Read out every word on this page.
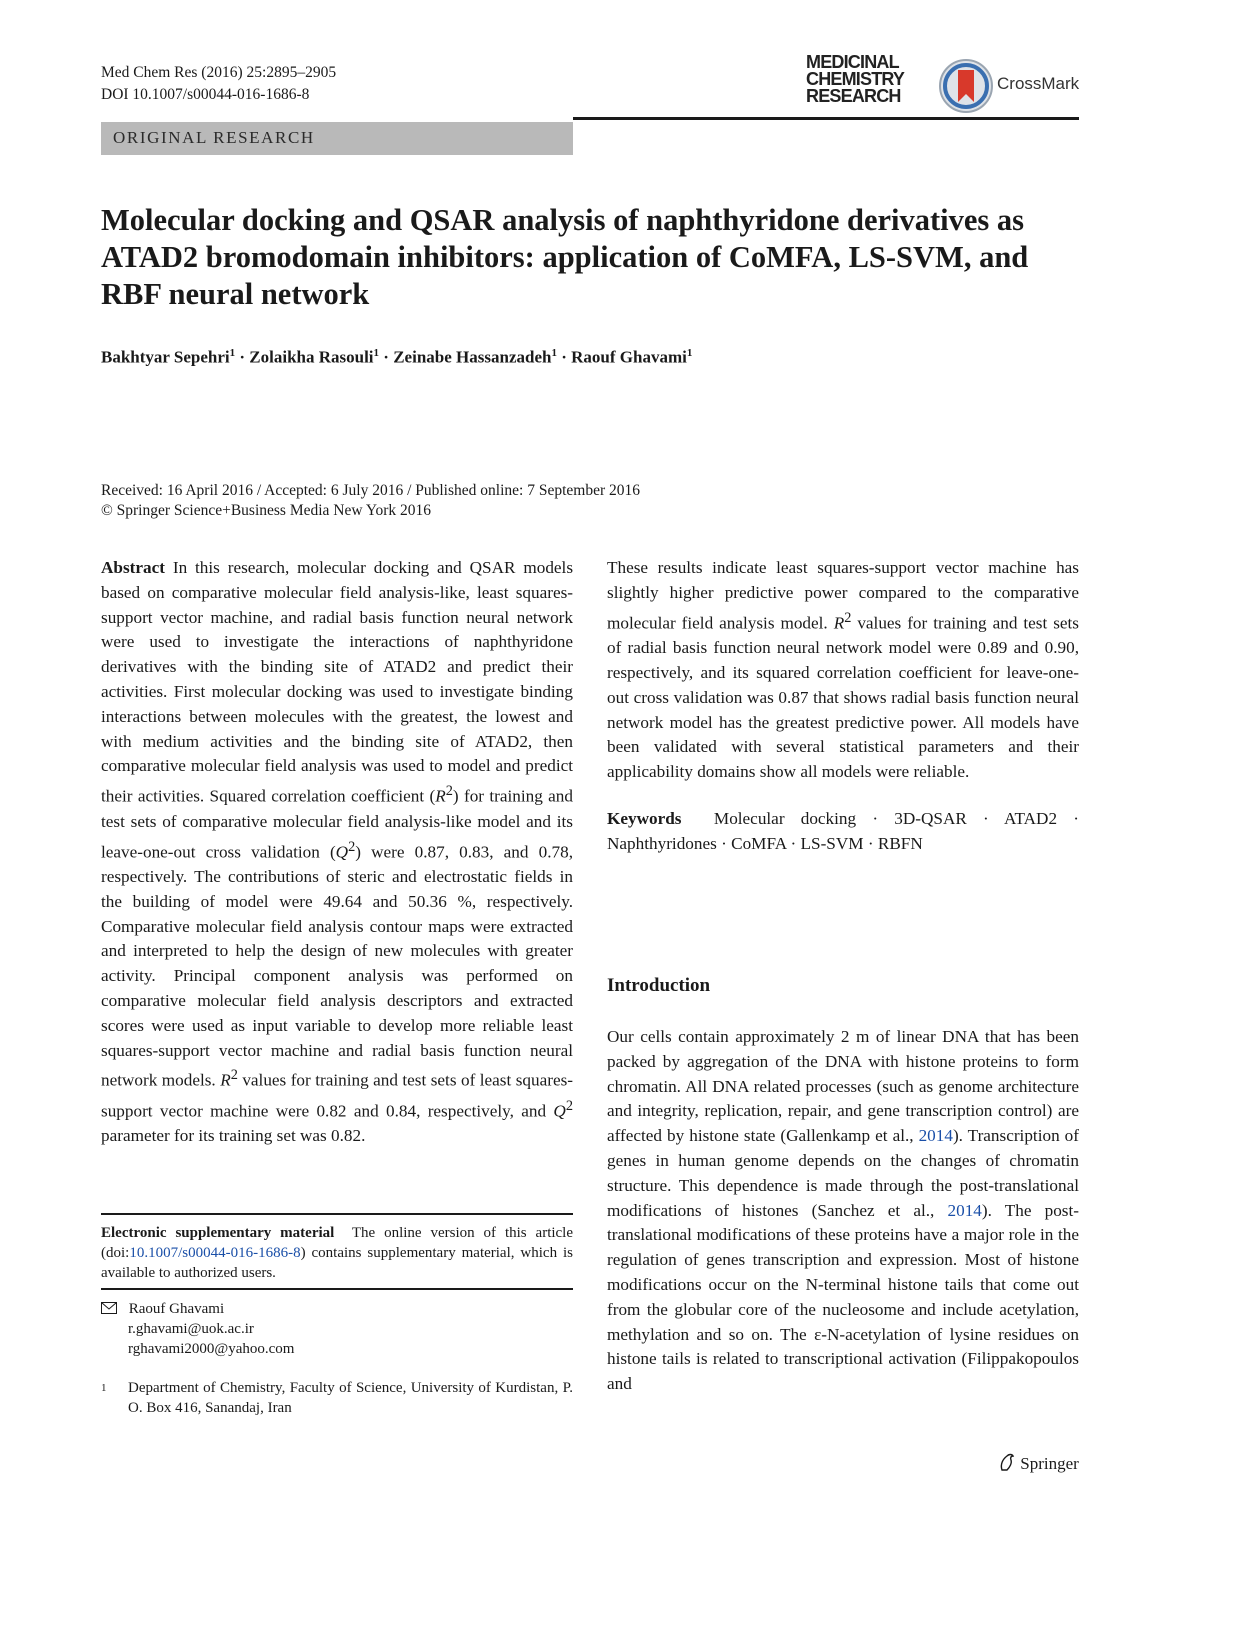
Med Chem Res (2016) 25:2895–2905
DOI 10.1007/s00044-016-1686-8
ORIGINAL RESEARCH
MEDICINAL
CHEMISTRY
RESEARCH
CrossMark
Molecular docking and QSAR analysis of naphthyridone derivatives as ATAD2 bromodomain inhibitors: application of CoMFA, LS-SVM, and RBF neural network
Bakhtyar Sepehri$^1$ · Zolaikha Rasouli$^1$ · Zeinabe Hassanzadeh$^1$ · Raouf Ghavami$^1$
Received: 16 April 2016 / Accepted: 6 July 2016 / Published online: 7 September 2016
© Springer Science+Business Media New York 2016

Abstract In this research, molecular docking and QSAR models based on comparative molecular field analysis-like, least squares-support vector machine, and radial basis function neural network were used to investigate the interactions of naphthyridone derivatives with the binding site of ATAD2 and predict their activities. First molecular docking was used to investigate binding interactions between molecules with the greatest, the lowest and with medium activities and the binding site of ATAD2, then comparative molecular field analysis was used to model and predict their activities. Squared correlation coefficient $(R^2)$ for training and test sets of comparative molecular field analysis-like model and its leave-one-out cross validation $(Q^2)$ were 0.87, 0.83, and 0.78, respectively. The contributions of steric and electrostatic fields in the building of model were 49.64 and 50.36 %, respectively. Comparative molecular field analysis contour maps were extracted and interpreted to help the design of new molecules with greater activity. Principal component analysis was performed on comparative molecular field analysis descriptors and extracted scores were used as input variable to develop more reliable least squares-support vector machine and radial basis function neural network models. $R^2$ values for training and test sets of least squares-support vector machine were 0.82 and 0.84, respectively, and $Q^2$ parameter for its training set was 0.82.

These results indicate least squares-support vector machine has slightly higher predictive power compared to the comparative molecular field analysis model. $R^2$ values for training and test sets of radial basis function neural network model were 0.89 and 0.90, respectively, and its squared correlation coefficient for leave-one-out cross validation was 0.87 that shows radial basis function neural network model has the greatest predictive power. All models have been validated with several statistical parameters and their applicability domains show all models were reliable.

Keywords Molecular docking · 3D-QSAR · ATAD2 · Naphthyridones · CoMFA · LS-SVM · RBFN

Introduction

Our cells contain approximately 2 m of linear DNA that has been packed by aggregation of the DNA with histone proteins to form chromatin. All DNA related processes (such as genome architecture and integrity, replication, repair, and gene transcription control) are affected by histone state (Gallenkamp et al., 2014). Transcription of genes in human genome depends on the changes of chromatin structure. This dependence is made through the post-translational modifications of histones (Sanchez et al., 2014). The post-translational modifications of these proteins have a major role in the regulation of genes transcription and expression. Most of histone modifications occur on the N-terminal histone tails that come out from the globular core of the nucleosome and include acetylation, methylation and so on. The ε-N-acetylation of lysine residues on histone tails is related to transcriptional activation (Filippakopoulos and

Electronic supplementary material The online version of this article (doi:10.1007/s00044-016-1686-8) contains supplementary material, which is available to authorized users.
Raouf Ghavami
r.ghavami@uok.ac.ir
rghavami2000@yahoo.com
1	Department of Chemistry, Faculty of Science, University of Kurdistan, P. O. Box 416, Sanandaj, Iran
Springer
